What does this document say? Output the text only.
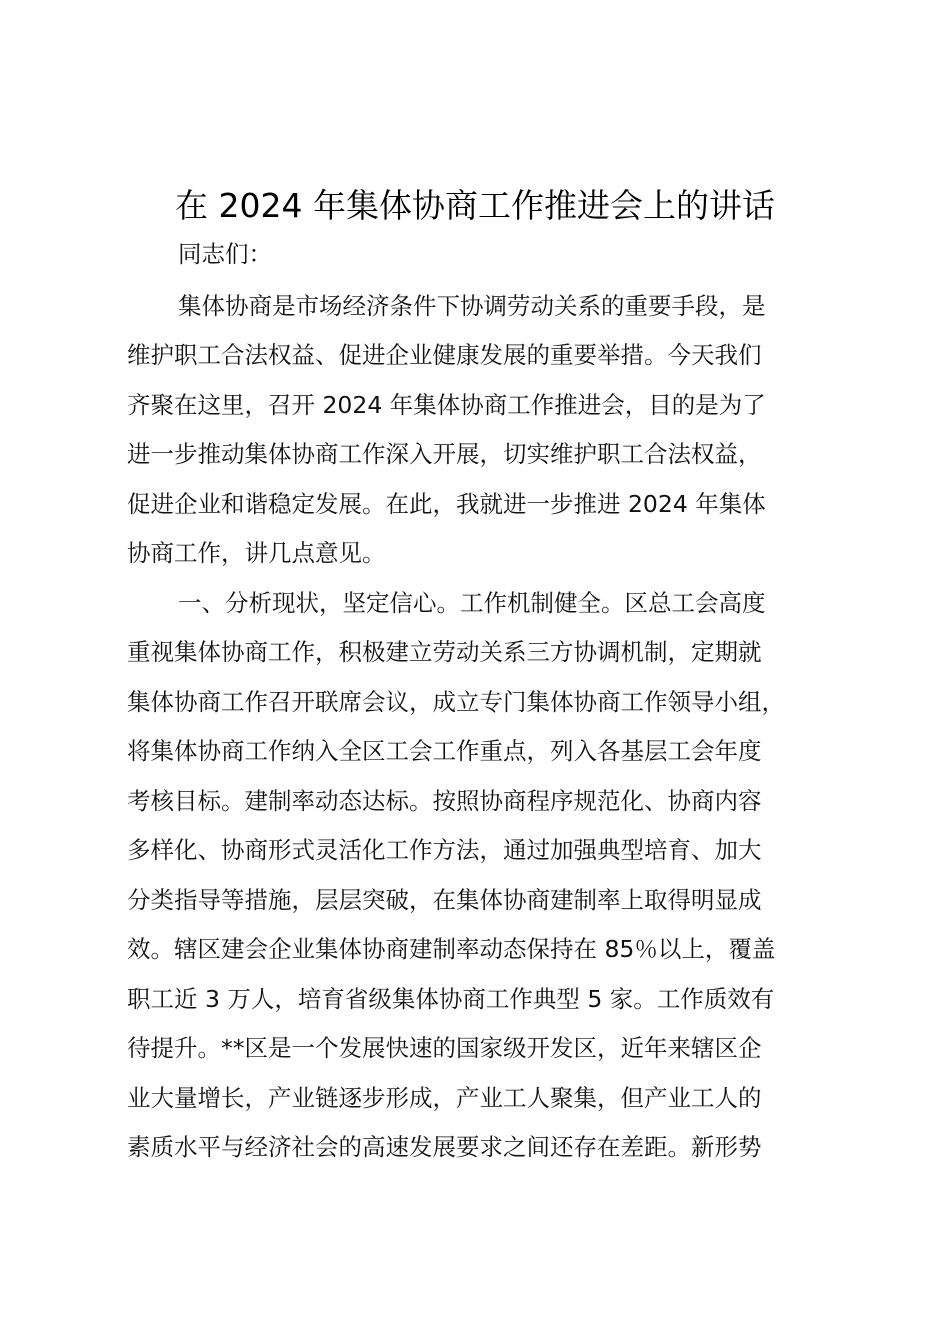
在 2024 年集体协商工作推进会上的讲话
同志们：
集体协商是市场经济条件下协调劳动关系的重要手段，是
维护职工合法权益、促进企业健康发展的重要举措。今天我们
齐聚在这里，召开 2024 年集体协商工作推进会，目的是为了
进一步推动集体协商工作深入开展，切实维护职工合法权益，
促进企业和谐稳定发展。在此，我就进一步推进 2024 年集体
协商工作，讲几点意见。
一、分析现状，坚定信心。工作机制健全。区总工会高度
重视集体协商工作，积极建立劳动关系三方协调机制，定期就
集体协商工作召开联席会议，成立专门集体协商工作领导小组，
将集体协商工作纳入全区工会工作重点，列入各基层工会年度
考核目标。建制率动态达标。按照协商程序规范化、协商内容
多样化、协商形式灵活化工作方法，通过加强典型培育、加大
分类指导等措施，层层突破，在集体协商建制率上取得明显成
效。辖区建会企业集体协商建制率动态保持在 85％以上，覆盖
职工近 3 万人，培育省级集体协商工作典型 5 家。工作质效有
待提升。**区是一个发展快速的国家级开发区，近年来辖区企
业大量增长，产业链逐步形成，产业工人聚集，但产业工人的
素质水平与经济社会的高速发展要求之间还存在差距。新形势
